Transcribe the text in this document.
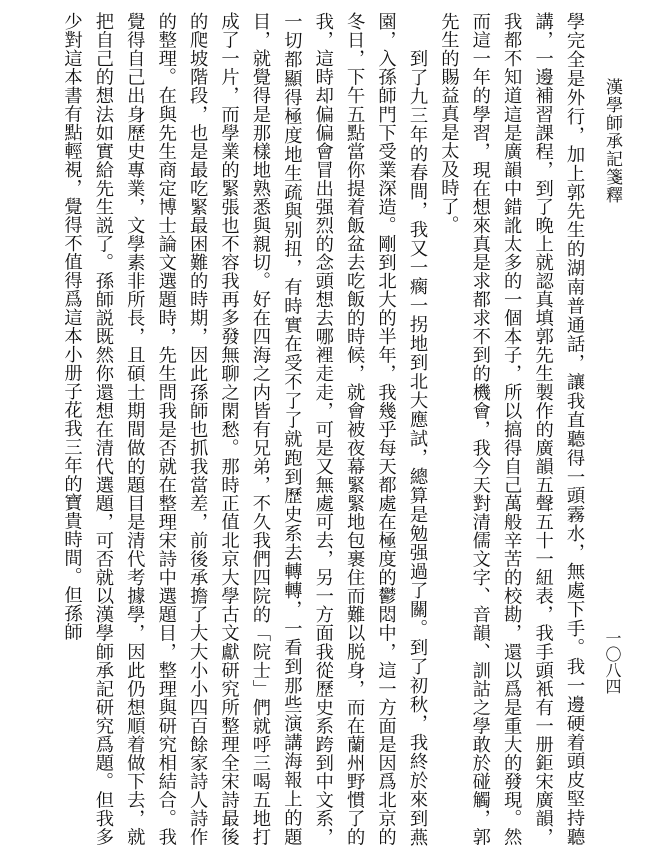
漢學師承記箋釋
一〇八四

學完全是外行，加上郭先生的湖南普通話，讓我直聽得一頭霧水，無處下手。我一邊硬着頭皮堅持聽講，一邊補習課程，到了晚上就認真填郭先生製作的廣韻五聲五十一紐表，我手頭衹有一册鉅宋廣韻，我都不知道這是廣韻中錯訛太多的一個本子，所以搞得自己萬般辛苦的校勘，還以爲是重大的發現。然而這一年的學習，現在想來真是求都求不到的機會，我今天對清儒文字、音韻、訓詁之學敢於碰觸，郭先生的賜益真是太及時了。

到了九三年的春間，我又一瘸一拐地到北大應試，總算是勉强過了關。到了初秋，我終於來到燕園，入孫師門下受業深造。剛到北大的半年，我幾乎每天都處在極度的鬱悶中，這一方面是因爲北京的冬日，下午五點當你提着飯盆去吃飯的時候，就會被夜幕緊緊地包裹住而難以脱身，而在蘭州野慣了的我，這時却偏偏會冒出强烈的念頭想去哪裡走走，可是又無處可去，另一方面我從歷史系跨到中文系，一切都顯得極度地生疏與别扭，有時實在受不了了就跑到歷史系去轉轉，一看到那些演講海報上的題目，就覺得是那樣地熟悉與親切。好在四海之内皆有兄弟，不久我們四院的「院士」們就呼三喝五地打成了一片，而學業的緊張也不容我再多發無聊之閑愁。那時正值北京大學古文獻研究所整理全宋詩最後的爬坡階段，也是最吃緊最困難的時期，因此孫師也抓我當差，前後承擔了大大小小四百餘家詩人詩作的整理。在與先生商定博士論文選題時，先生問我是否就在整理宋詩中選題目，整理與研究相結合。我覺得自己出身歷史專業，文學素非所長，且碩士期間做的題目是清代考據學，因此仍想順着做下去，就把自己的想法如實給先生説了。孫師説既然你還想在清代選題，可否就以漢學師承記研究爲題。但我多少對這本書有點輕視，覺得不值得爲這本小册子花我三年的寶貴時間。但孫師
